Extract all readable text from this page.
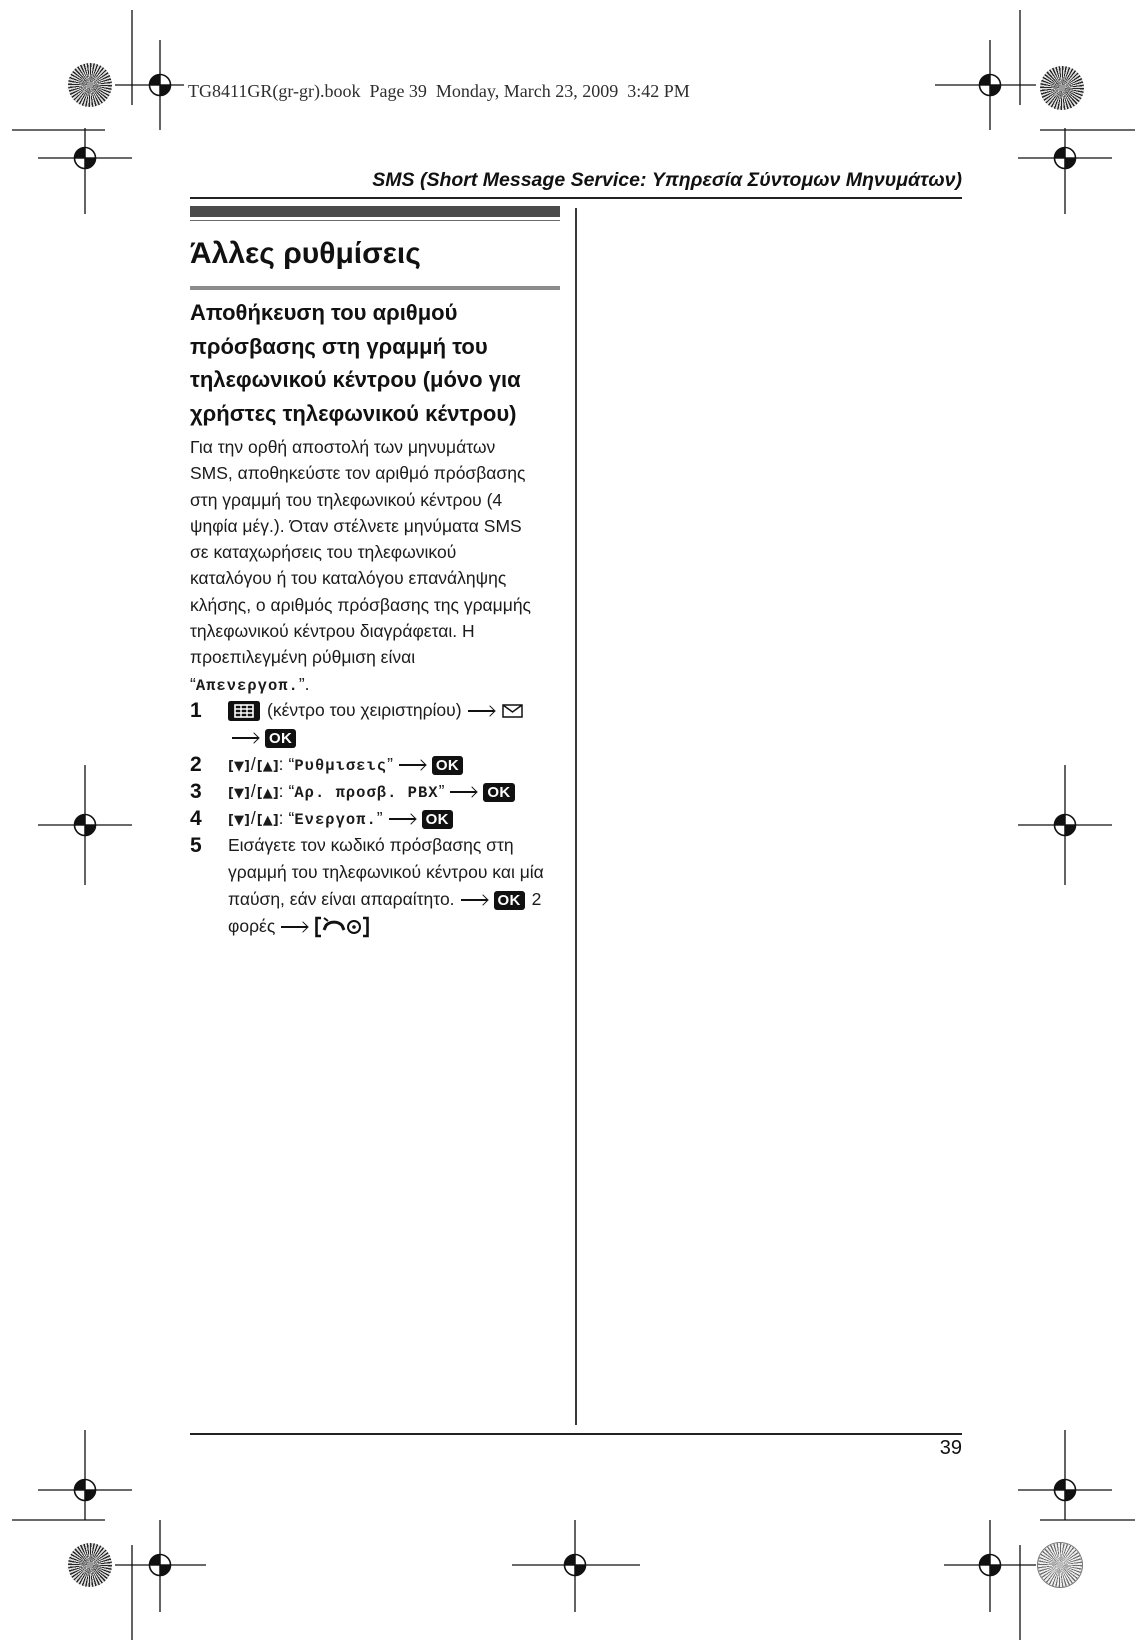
TG8411GR(gr-gr).book  Page 39  Monday, March 23, 2009  3:42 PM
SMS (Short Message Service: Υπηρεσία Σύντομων Μηνυμάτων)
Άλλες ρυθμίσεις
Αποθήκευση του αριθμού
πρόσβασης στη γραμμή του
τηλεφωνικού κέντρου (μόνο για
χρήστες τηλεφωνικού κέντρου)
Για την ορθή αποστολή των μηνυμάτων
SMS, αποθηκεύστε τον αριθμό πρόσβασης
στη γραμμή του τηλεφωνικού κέντρου (4
ψηφία μέγ.). Όταν στέλνετε μηνύματα SMS
σε καταχωρήσεις του τηλεφωνικού
καταλόγου ή του καταλόγου επανάληψης
κλήσης, ο αριθμός πρόσβασης της γραμμής
τηλεφωνικού κέντρου διαγράφεται. Η
προεπιλεγμένη ρύθμιση είναι
“Απενεργοπ.”.
1	(κέντρο του χειριστηρίου)
OK
2 [▼]/[▲]: “Ρυθμισεις”	OK
3 [▼]/[▲]: “Αρ. προσβ. PBX”	OK
4 [▼]/[▲]: “Ενεργοπ.”	OK
5 Εισάγετε τον κωδικό πρόσβασης στη
γραμμή του τηλεφωνικού κέντρου και μία
παύση, εάν είναι απαραίτητο.	OK 2
φορές
39
